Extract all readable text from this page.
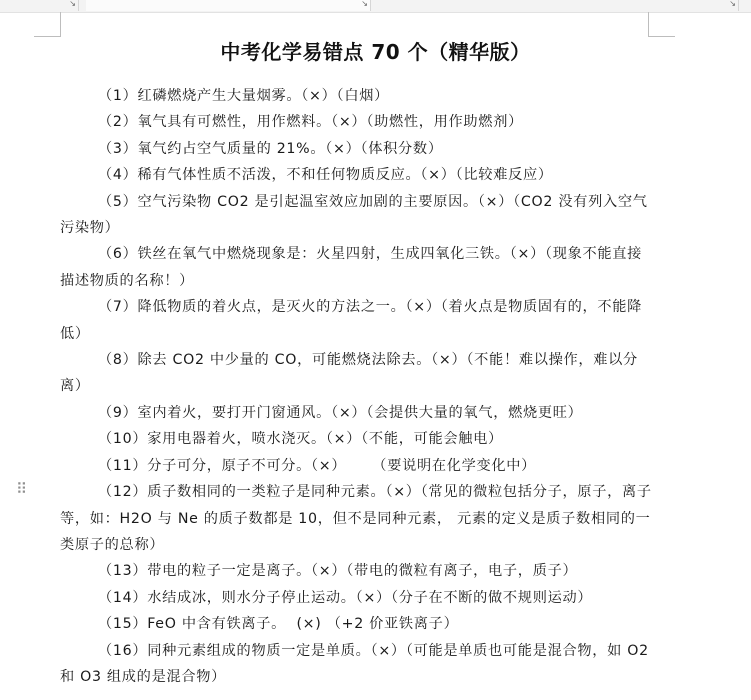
↘	↘	↘
⠿
中考化学易错点 70 个（精华版）

（1）红磷燃烧产生大量烟雾。（×）（白烟）

（2）氧气具有可燃性，用作燃料。（×）（助燃性，用作助燃剂）

（3）氧气约占空气质量的 21%。（×）（体积分数）

（4）稀有气体性质不活泼，不和任何物质反应。（×）（比较难反应）

（5）空气污染物 CO2 是引起温室效应加剧的主要原因。（×）（CO2 没有列入空气污染物）

（6）铁丝在氧气中燃烧现象是：火星四射，生成四氧化三铁。（×）（现象不能直接描述物质的名称！）

（7）降低物质的着火点，是灭火的方法之一。（×）（着火点是物质固有的，不能降低）

（8）除去 CO2 中少量的 CO，可能燃烧法除去。（×）（不能！难以操作，难以分离）

（9）室内着火，要打开门窗通风。（×）（会提供大量的氧气，燃烧更旺）

（10）家用电器着火，喷水浇灭。（×）（不能，可能会触电）

（11）分子可分，原子不可分。（×）     （要说明在化学变化中）

（12）质子数相同的一类粒子是同种元素。（×）（常见的微粒包括分子，原子，离子等，如：H2O 与 Ne 的质子数都是 10，但不是同种元素， 元素的定义是质子数相同的一类原子的总称）

（13）带电的粒子一定是离子。（×）（带电的微粒有离子，电子，质子）

（14）水结成冰，则水分子停止运动。（×）（分子在不断的做不规则运动）

（15）FeO 中含有铁离子。  (×) （+2 价亚铁离子）

（16）同种元素组成的物质一定是单质。（×）（可能是单质也可能是混合物，如 O2 和 O3 组成的是混合物）
